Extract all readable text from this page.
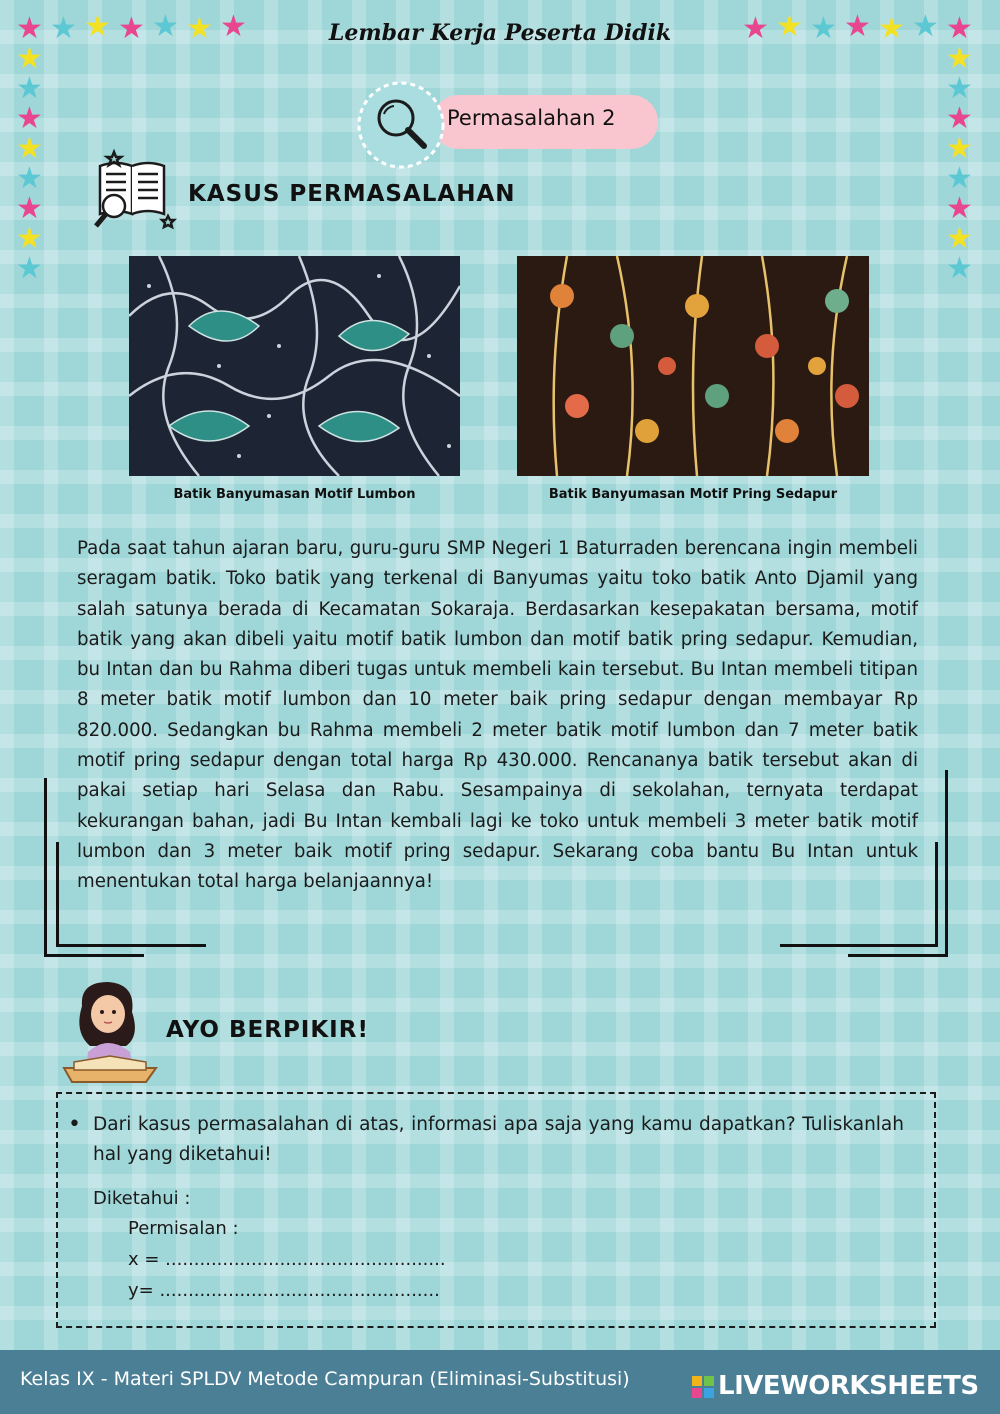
★ ★ ★ ★ ★ ★ ★
★
★
★
★
★
★
★
★
★ ★ ★ ★ ★ ★ ★
★
★
★
★
★
★
★
★
Lembar Kerja Peserta Didik
Permasalahan 2
KASUS PERMASALAHAN
Batik Banyumasan Motif Lumbon	Batik Banyumasan Motif Pring Sedapur

Pada saat tahun ajaran baru, guru-guru SMP Negeri 1 Baturraden berencana ingin membeli seragam batik. Toko batik yang terkenal di Banyumas yaitu toko batik Anto Djamil yang salah satunya berada di Kecamatan Sokaraja. Berdasarkan kesepakatan bersama, motif batik yang akan dibeli yaitu motif batik lumbon dan motif batik pring sedapur. Kemudian, bu Intan dan bu Rahma diberi tugas untuk membeli kain tersebut. Bu Intan membeli titipan 8 meter batik motif lumbon dan 10 meter baik pring sedapur dengan membayar Rp 820.000. Sedangkan bu Rahma membeli 2 meter batik motif lumbon dan 7 meter batik motif pring sedapur dengan total harga Rp 430.000. Rencananya batik tersebut akan di pakai setiap hari Selasa dan Rabu. Sesampainya di sekolahan, ternyata terdapat kekurangan bahan, jadi Bu Intan kembali lagi ke toko untuk membeli 3 meter batik motif lumbon dan 3 meter baik motif pring sedapur. Sekarang coba bantu Bu Intan untuk menentukan total harga belanjaannya!

AYO BERPIKIR!
• Dari kasus permasalahan di atas, informasi apa saja yang kamu dapatkan? Tuliskanlah hal yang diketahui!

Diketahui :
Permisalan :
x = .................................................
y= .................................................
Kelas IX - Materi SPLDV Metode Campuran (Eliminasi-Substitusi)	LIVEWORKSHEETS
